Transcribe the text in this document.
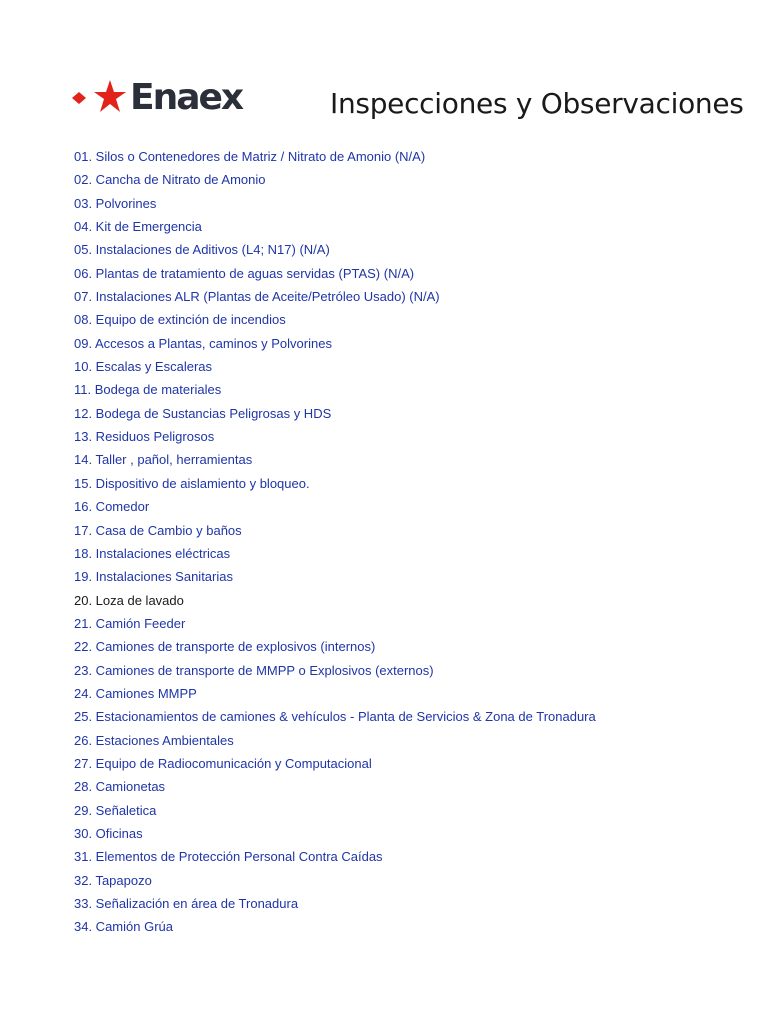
Enaex	Inspecciones y Observaciones
01. Silos o Contenedores de Matriz / Nitrato de Amonio (N/A)
02. Cancha de Nitrato de Amonio
03. Polvorines
04. Kit de Emergencia
05. Instalaciones de Aditivos (L4; N17) (N/A)
06. Plantas de tratamiento de aguas servidas (PTAS) (N/A)
07. Instalaciones ALR (Plantas de Aceite/Petróleo Usado) (N/A)
08. Equipo de extinción de incendios
09. Accesos a Plantas, caminos y Polvorines
10. Escalas y Escaleras
11. Bodega de materiales
12. Bodega de Sustancias Peligrosas y HDS
13. Residuos Peligrosos
14. Taller , pañol, herramientas
15. Dispositivo de aislamiento y bloqueo.
16. Comedor
17. Casa de Cambio y baños
18. Instalaciones eléctricas
19. Instalaciones Sanitarias
20. Loza de lavado
21. Camión Feeder
22. Camiones de transporte de explosivos (internos)
23. Camiones de transporte de MMPP o Explosivos (externos)
24. Camiones MMPP
25. Estacionamientos de camiones & vehículos - Planta de Servicios & Zona de Tronadura
26. Estaciones Ambientales
27. Equipo de Radiocomunicación y Computacional
28. Camionetas
29. Señaletica
30. Oficinas
31. Elementos de Protección Personal Contra Caídas
32. Tapapozo
33. Señalización en área de Tronadura
34. Camión Grúa
